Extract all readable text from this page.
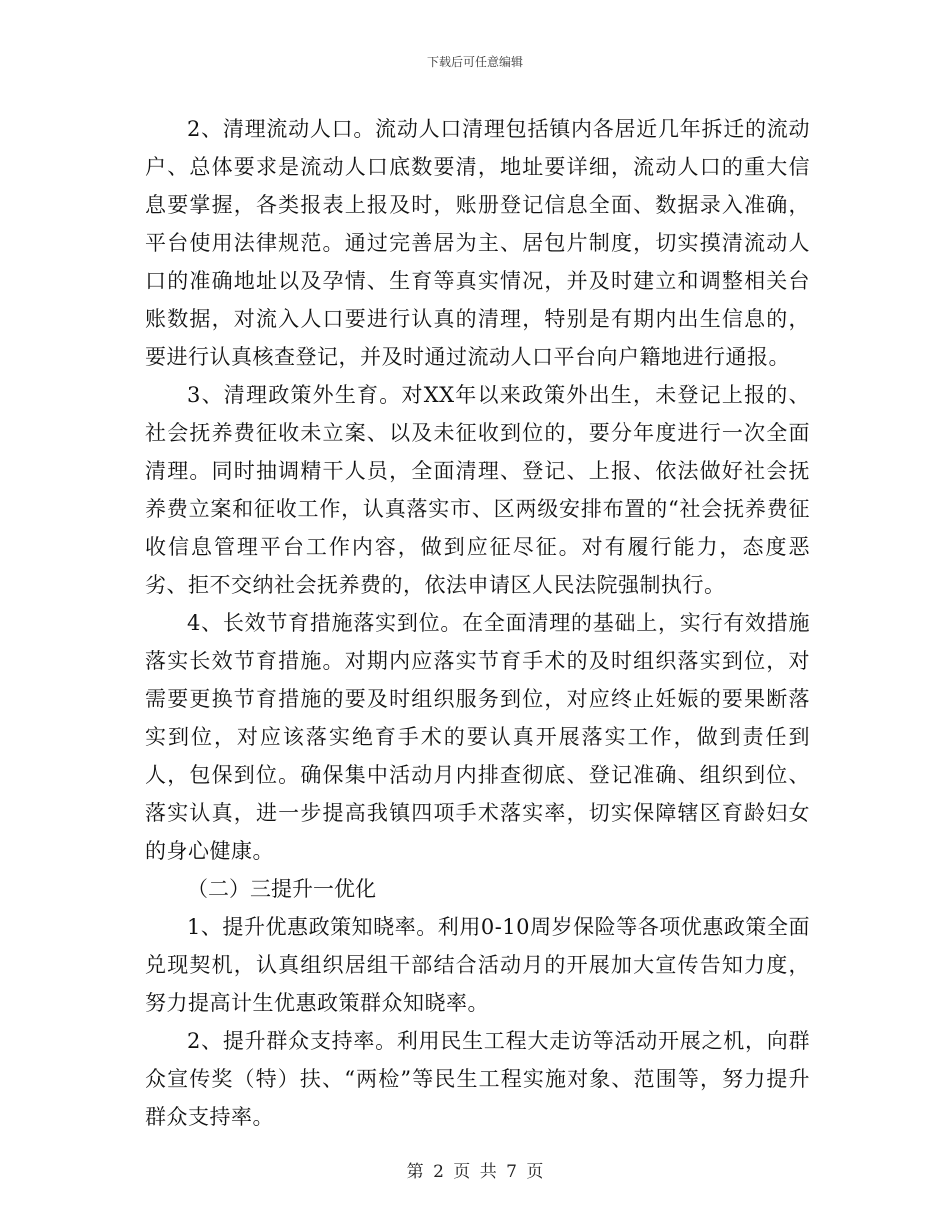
下载后可任意编辑

2、清理流动人口。流动人口清理包括镇内各居近几年拆迁的流动户、总体要求是流动人口底数要清，地址要详细，流动人口的重大信息要掌握，各类报表上报及时，账册登记信息全面、数据录入准确，平台使用法律规范。通过完善居为主、居包片制度，切实摸清流动人口的准确地址以及孕情、生育等真实情况，并及时建立和调整相关台账数据，对流入人口要进行认真的清理，特别是有期内出生信息的，要进行认真核查登记，并及时通过流动人口平台向户籍地进行通报。

3、清理政策外生育。对XX年以来政策外出生，未登记上报的、社会抚养费征收未立案、以及未征收到位的，要分年度进行一次全面清理。同时抽调精干人员，全面清理、登记、上报、依法做好社会抚养费立案和征收工作，认真落实市、区两级安排布置的“社会抚养费征收信息管理平台工作内容，做到应征尽征。对有履行能力，态度恶劣、拒不交纳社会抚养费的，依法申请区人民法院强制执行。

4、长效节育措施落实到位。在全面清理的基础上，实行有效措施落实长效节育措施。对期内应落实节育手术的及时组织落实到位，对需要更换节育措施的要及时组织服务到位，对应终止妊娠的要果断落实到位，对应该落实绝育手术的要认真开展落实工作，做到责任到人，包保到位。确保集中活动月内排查彻底、登记准确、组织到位、落实认真，进一步提高我镇四项手术落实率，切实保障辖区育龄妇女的身心健康。

（二）三提升一优化

1、提升优惠政策知晓率。利用0-10周岁保险等各项优惠政策全面兑现契机，认真组织居组干部结合活动月的开展加大宣传告知力度，努力提高计生优惠政策群众知晓率。

2、提升群众支持率。利用民生工程大走访等活动开展之机，向群众宣传奖（特）扶、“两检”等民生工程实施对象、范围等，努力提升群众支持率。

第 2 页 共 7 页
